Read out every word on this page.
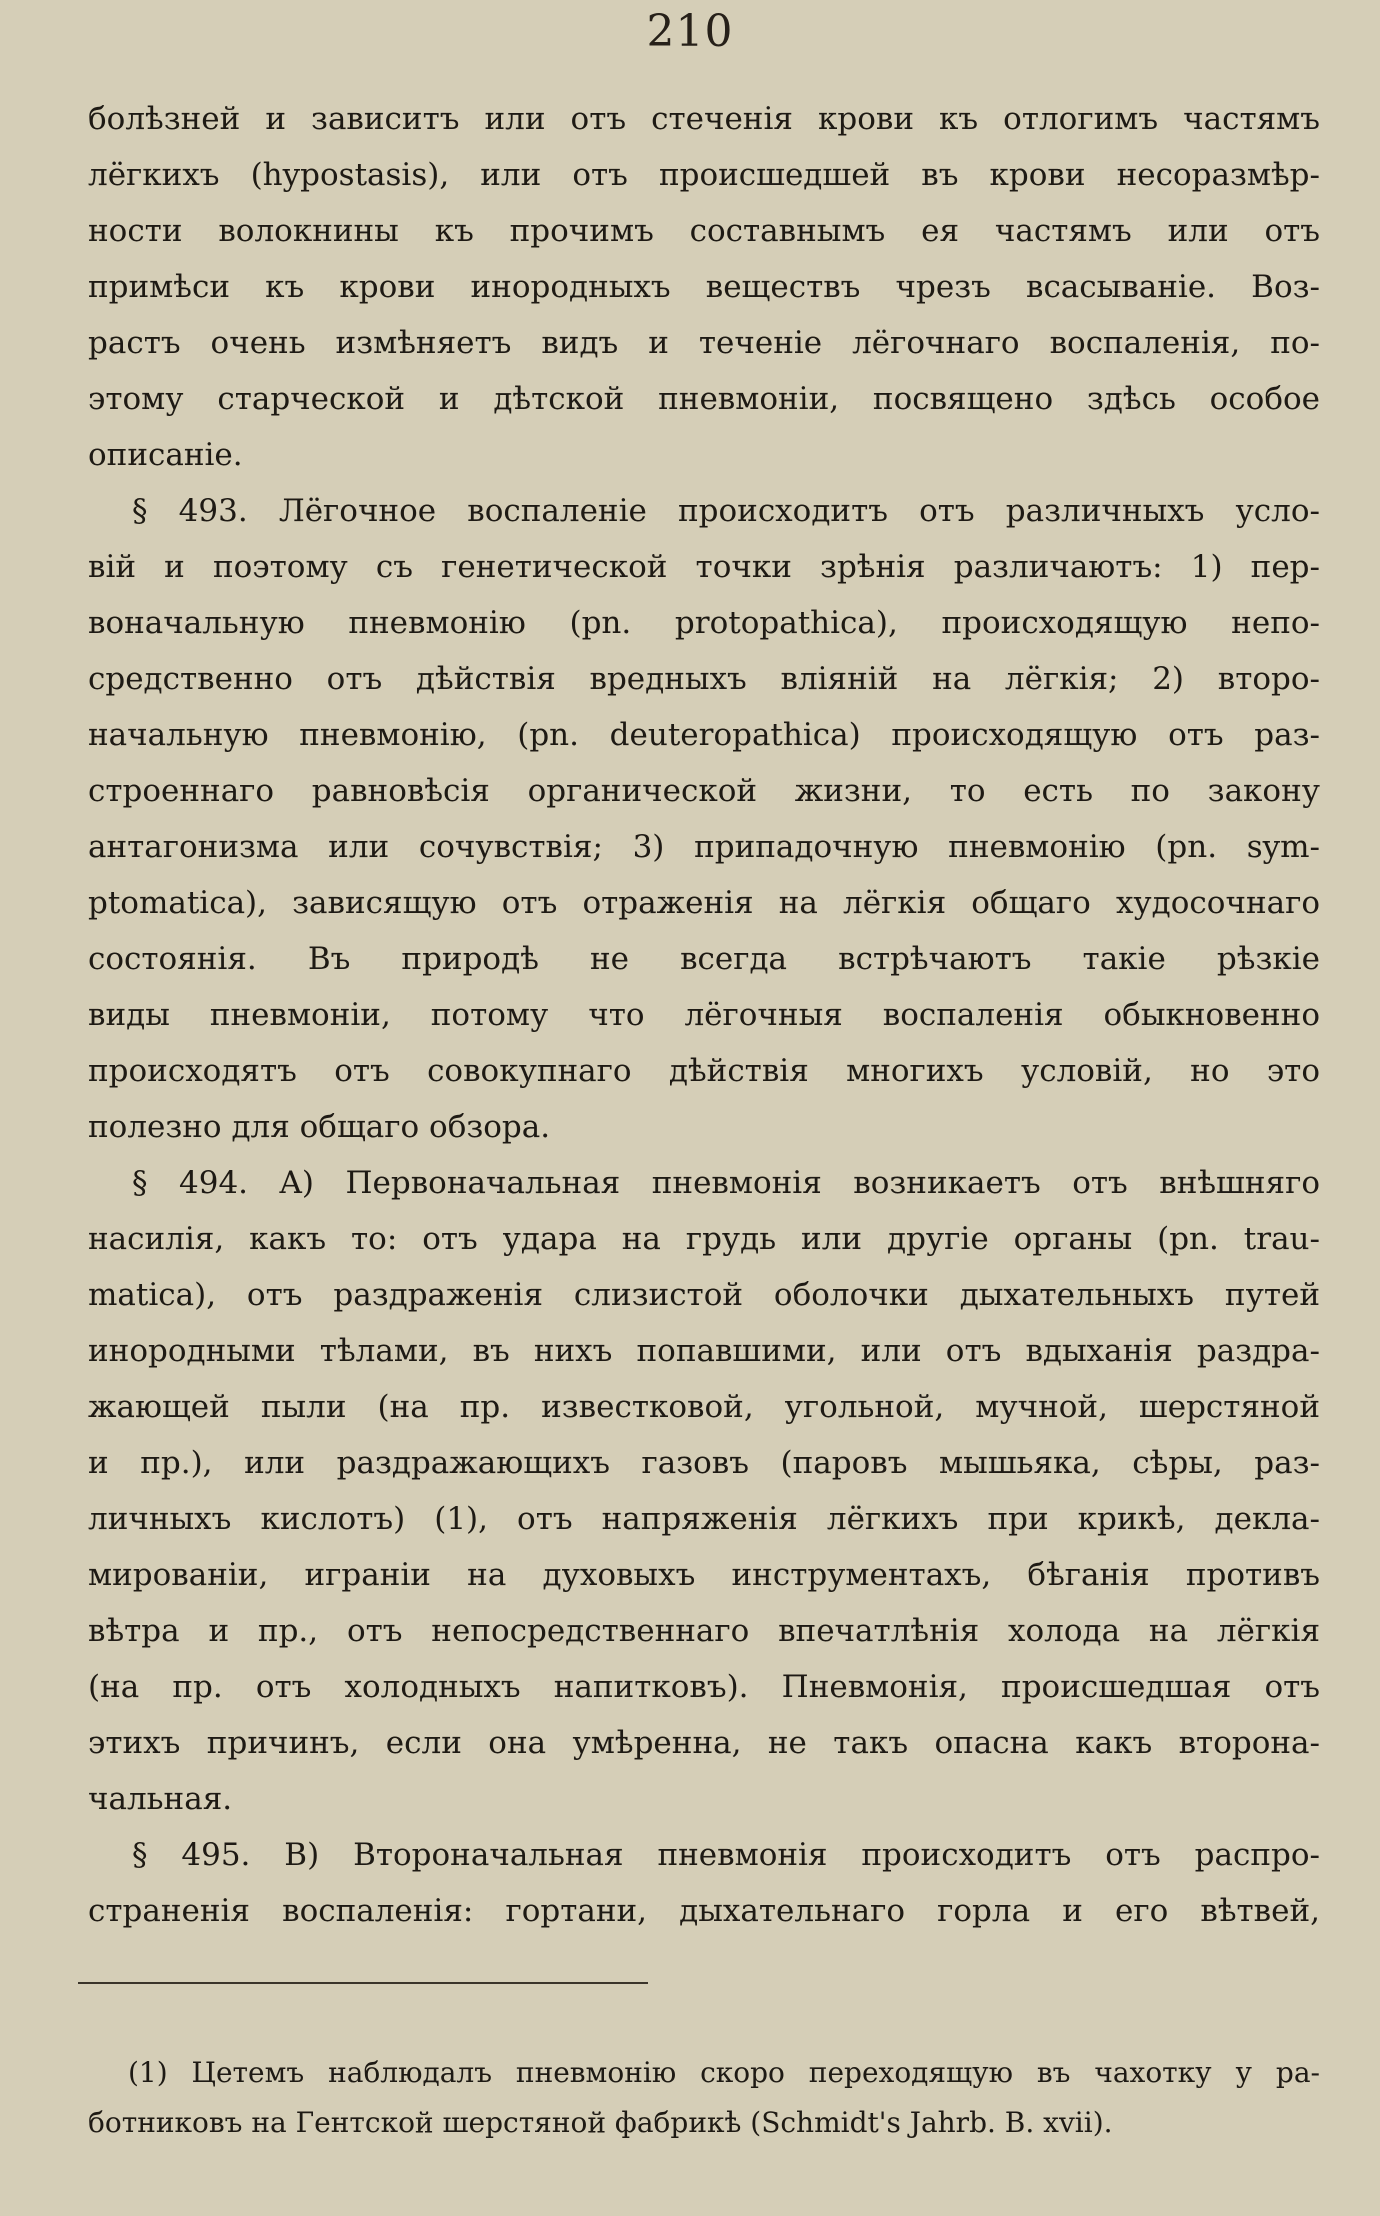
210
болѣзней и зависитъ или отъ стеченія крови къ отлогимъ частямъ
лёгкихъ (hypostasis), или отъ происшедшей въ крови несоразмѣр-
ности волокнины къ прочимъ составнымъ ея частямъ или отъ
примѣси къ крови инородныхъ веществъ чрезъ всасываніе. Воз-
растъ очень измѣняетъ видъ и теченіе лёгочнаго воспаленія, по-
этому старческой и дѣтской пневмоніи, посвящено здѣсь особое
описаніе.
§ 493. Лёгочное воспаленіе происходитъ отъ различныхъ усло-
вій и поэтому съ генетической точки зрѣнія различаютъ: 1) пер-
воначальную пневмонію (pn. protopathica), происходящую непо-
средственно отъ дѣйствія вредныхъ вліяній на лёгкія; 2) второ-
начальную пневмонію, (pn. deuteropathica) происходящую отъ раз-
строеннаго равновѣсія органической жизни, то есть по закону
антагонизма или сочувствія; 3) припадочную пневмонію (pn. sym-
ptomatica), зависящую отъ отраженія на лёгкія общаго худосочнаго
состоянія. Въ природѣ не всегда встрѣчаютъ такіе рѣзкіе
виды пневмоніи, потому что лёгочныя воспаленія обыкновенно
происходятъ отъ совокупнаго дѣйствія многихъ условій, но это
полезно для общаго обзора.
§ 494. A) Первоначальная пневмонія возникаетъ отъ внѣшняго
насилія, какъ то: отъ удара на грудь или другіе органы (pn. trau-
matica), отъ раздраженія слизистой оболочки дыхательныхъ путей
инородными тѣлами, въ нихъ попавшими, или отъ вдыханія раздра-
жающей пыли (на пр. известковой, угольной, мучной, шерстяной
и пр.), или раздражающихъ газовъ (паровъ мышьяка, сѣры, раз-
личныхъ кислотъ) (1), отъ напряженія лёгкихъ при крикѣ, декла-
мированіи, играніи на духовыхъ инструментахъ, бѣганія противъ
вѣтра и пр., отъ непосредственнаго впечатлѣнія холода на лёгкія
(на пр. отъ холодныхъ напитковъ). Пневмонія, происшедшая отъ
этихъ причинъ, если она умѣренна, не такъ опасна какъ второна-
чальная.
§ 495. B) Второначальная пневмонія происходитъ отъ распро-
страненія воспаленія: гортани, дыхательнаго горла и его вѣтвей,
(1) Цетемъ наблюдалъ пневмонію скоро переходящую въ чахотку у ра-
ботниковъ на Гентской шерстяной фабрикѣ (Schmidt's Jahrb. B. xvii).
